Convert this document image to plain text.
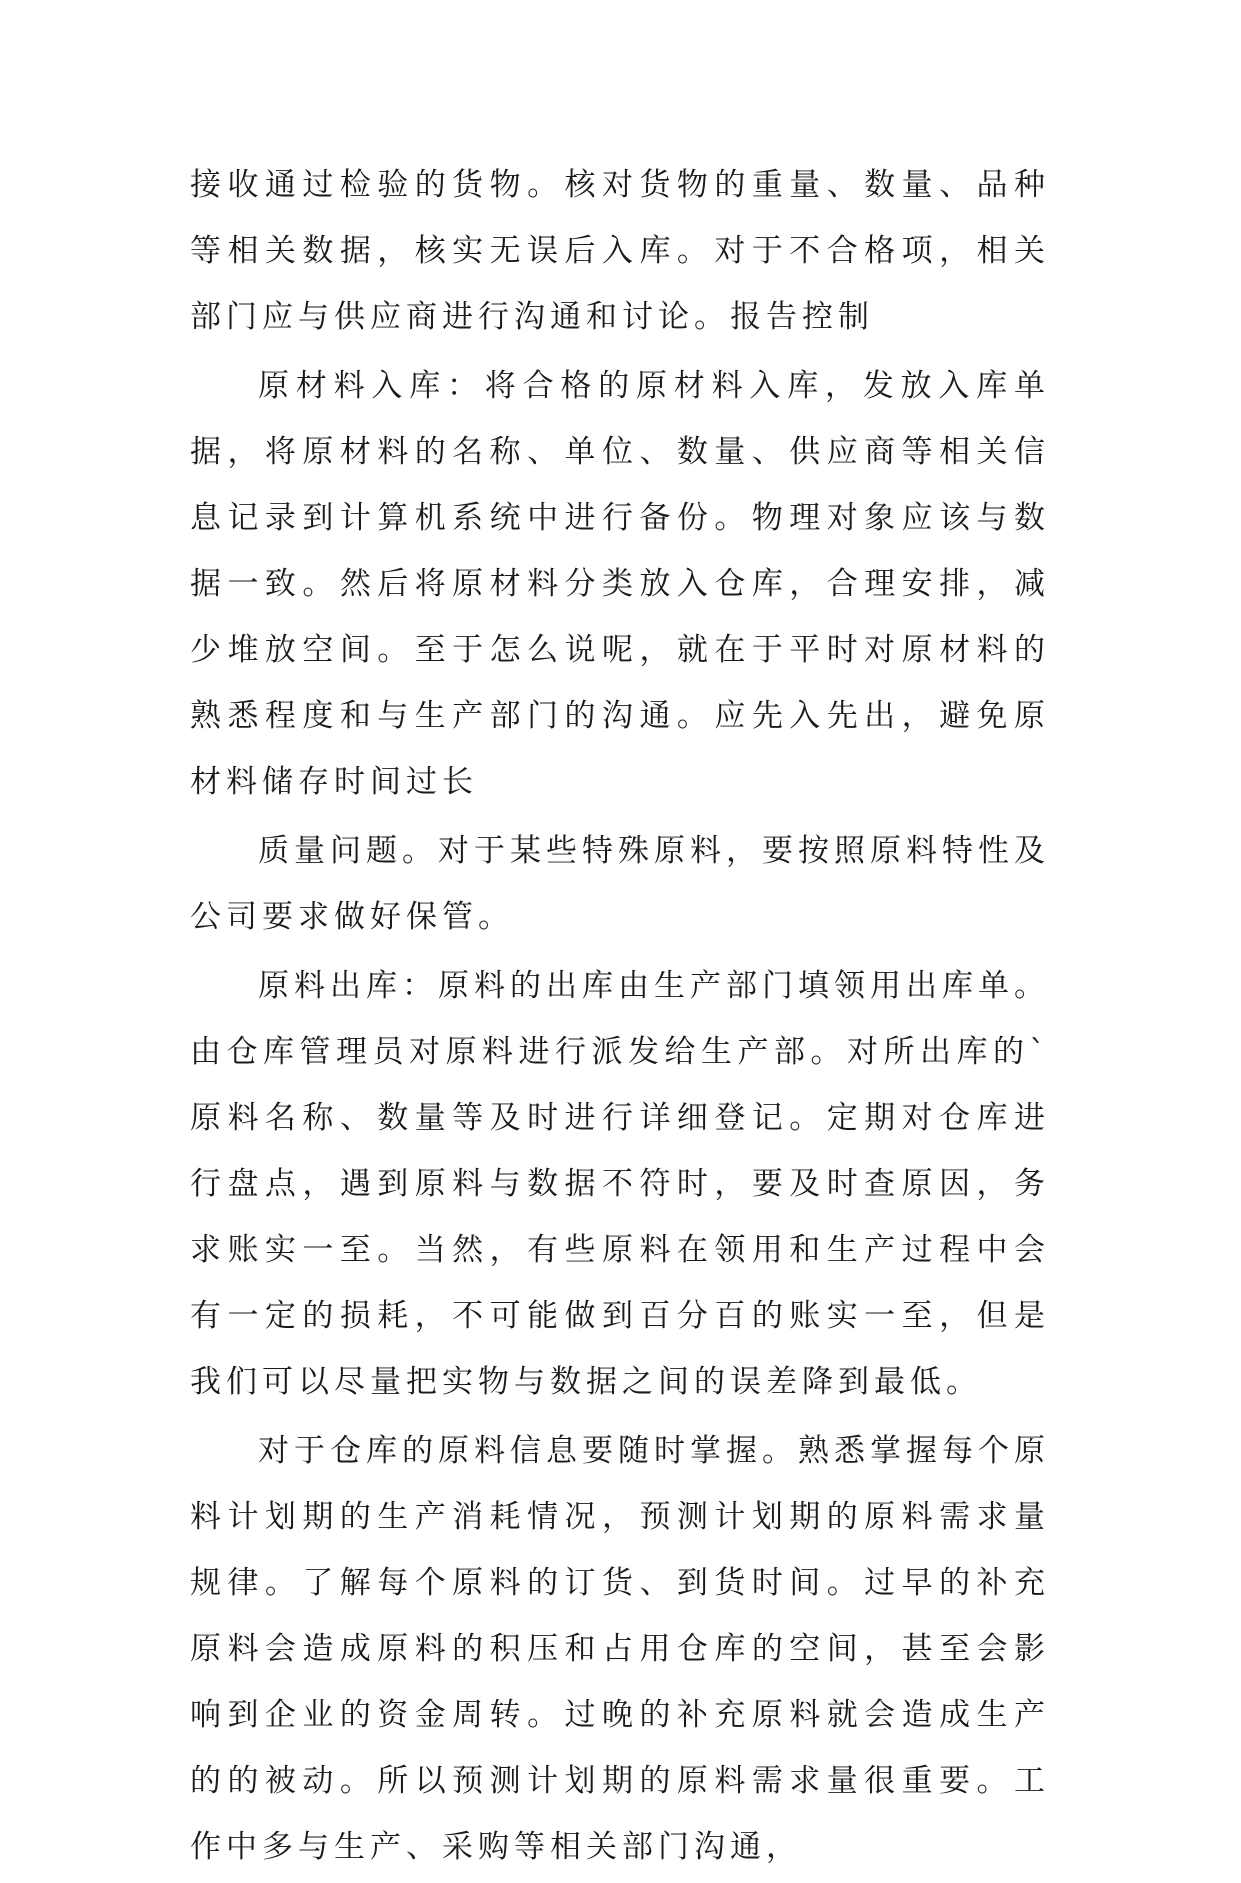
接收通过检验的货物。核对货物的重量、数量、品种等相关数据，核实无误后入库。对于不合格项，相关部门应与供应商进行沟通和讨论。报告控制

原材料入库：将合格的原材料入库，发放入库单据，将原材料的名称、单位、数量、供应商等相关信息记录到计算机系统中进行备份。物理对象应该与数据一致。然后将原材料分类放入仓库，合理安排，减少堆放空间。至于怎么说呢，就在于平时对原材料的熟悉程度和与生产部门的沟通。应先入先出，避免原材料储存时间过长

质量问题。对于某些特殊原料，要按照原料特性及公司要求做好保管。

原料出库：原料的出库由生产部门填领用出库单。由仓库管理员对原料进行派发给生产部。对所出库的`原料名称、数量等及时进行详细登记。定期对仓库进行盘点，遇到原料与数据不符时，要及时查原因，务求账实一至。当然，有些原料在领用和生产过程中会有一定的损耗，不可能做到百分百的账实一至，但是我们可以尽量把实物与数据之间的误差降到最低。

对于仓库的原料信息要随时掌握。熟悉掌握每个原料计划期的生产消耗情况，预测计划期的原料需求量规律。了解每个原料的订货、到货时间。过早的补充原料会造成原料的积压和占用仓库的空间，甚至会影响到企业的资金周转。过晚的补充原料就会造成生产的的被动。所以预测计划期的原料需求量很重要。工作中多与生产、采购等相关部门沟通，
